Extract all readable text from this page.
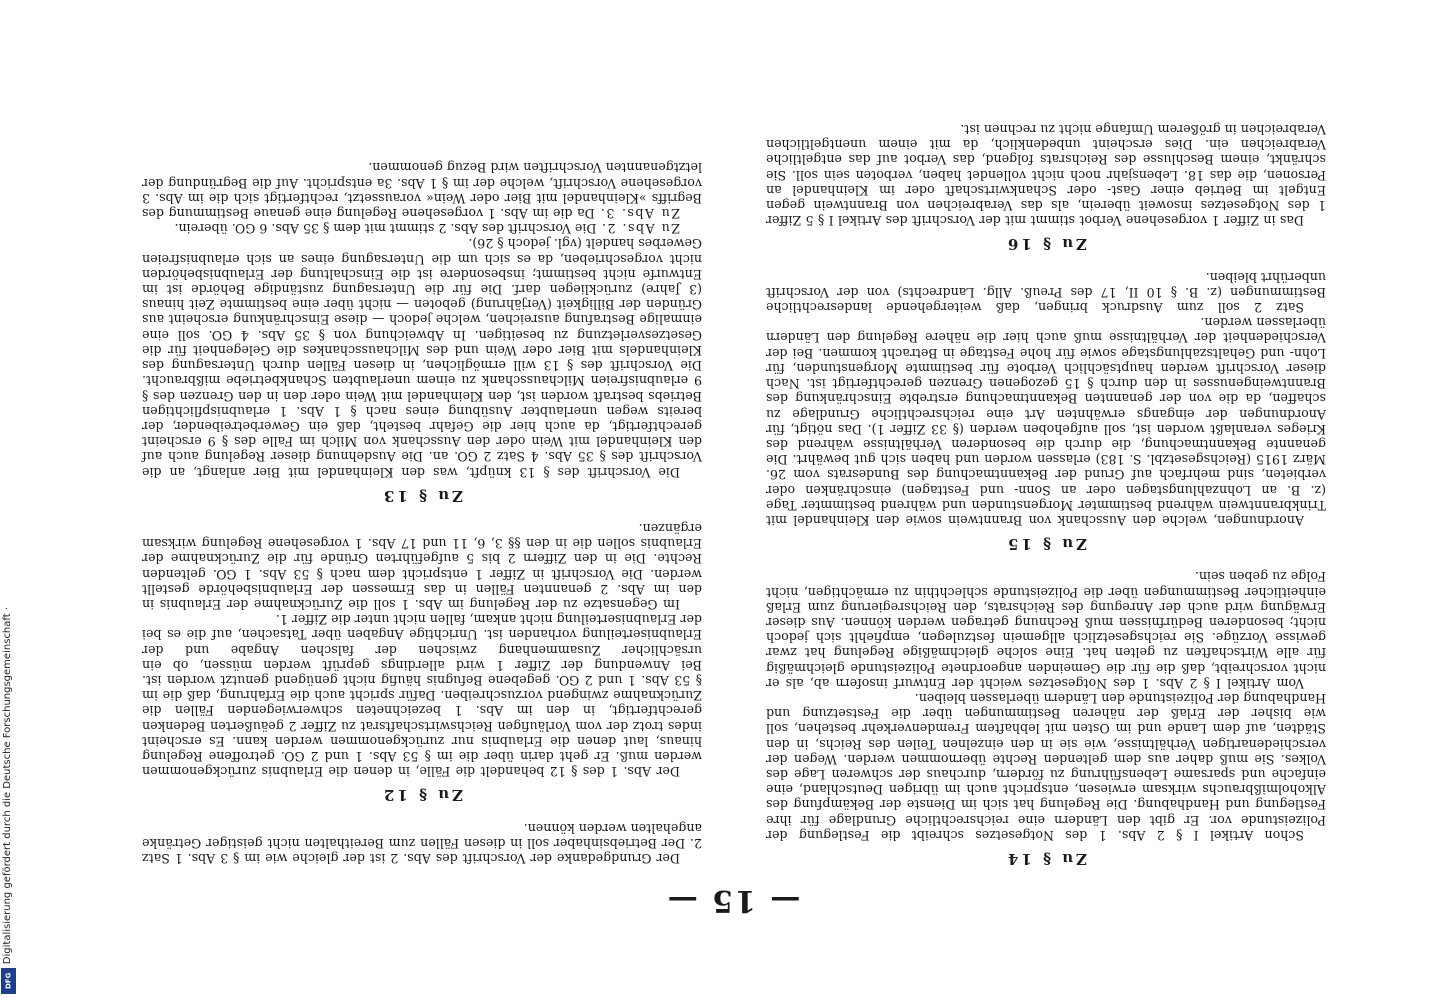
DFG
Digitalisierung gefördert durch die Deutsche Forschungsgemeinschaft ·	— 15 —
Zu § 14

Schon Artikel I § 2 Abs. 1 des Notgesetzes schreibt die Festlegung der Polizeistunde vor. Er gibt den Ländern eine reichsrechtliche Grundlage für ihre Festlegung und Handhabung. Die Regelung hat sich im Dienste der Bekämpfung des Alkoholmißbrauchs wirksam erwiesen, entspricht auch im übrigen Deutschland, eine einfache und sparsame Lebensführung zu fördern, durchaus der schweren Lage des Volkes. Sie muß daher aus dem geltenden Rechte übernommen werden. Wegen der verschiedenartigen Verhältnisse, wie sie in den einzelnen Teilen des Reichs, in den Städten, auf dem Lande und im Osten mit lebhaftem Fremdenverkehr bestehen, soll wie bisher der Erlaß der näheren Bestimmungen über die Festsetzung und Handhabung der Polizeistunde den Ländern überlassen bleiben.

Vom Artikel I § 2 Abs. 1 des Notgesetzes weicht der Entwurf insofern ab, als er nicht vorschreibt, daß die für die Gemeinden angeordnete Polizeistunde gleichmäßig für alle Wirtschaften zu gelten hat. Eine solche gleichmäßige Regelung hat zwar gewisse Vorzüge. Sie reichsgesetzlich allgemein festzulegen, empfiehlt sich jedoch nicht; besonderen Bedürfnissen muß Rechnung getragen werden können. Aus dieser Erwägung wird auch der Anregung des Reichsrats, den Reichsregierung zum Erlaß einheitlicher Bestimmungen über die Polizeistunde schlechthin zu ermächtigen, nicht Folge zu geben sein.

Zu § 15

Anordnungen, welche den Ausschank von Branntwein sowie den Kleinhandel mit Trinkbranntwein während bestimmter Morgenstunden und während bestimmter Tage (z. B. an Lohnzahlungstagen oder an Sonn- und Festtagen) einschränken oder verbieten, sind mehrfach auf Grund der Bekanntmachung des Bundesrats vom 26. März 1915 (Reichsgesetzbl. S. 183) erlassen worden und haben sich gut bewährt. Die genannte Bekanntmachung, die durch die besonderen Verhältnisse während des Krieges veranlaßt worden ist, soll aufgehoben werden (§ 33 Ziffer 1). Das nötigt, für Anordnungen der eingangs erwähnten Art eine reichsrechtliche Grundlage zu schaffen, da die von der genannten Bekanntmachung erstrebte Einschränkung des Branntweingenusses in den durch § 15 gezogenen Grenzen gerechtfertigt ist. Nach dieser Vorschrift werden hauptsächlich Verbote für bestimmte Morgenstunden, für Lohn- und Gehaltszahlungstage sowie für hohe Festtage in Betracht kommen. Bei der Verschiedenheit der Verhältnisse muß auch hier die nähere Regelung den Ländern überlassen werden.

Satz 2 soll zum Ausdruck bringen, daß weitergehende landesrechtliche Bestimmungen (z. B. § 10 II, 17 des Preuß. Allg. Landrechts) von der Vorschrift unberührt bleiben.

Zu § 16

Das in Ziffer 1 vorgesehene Verbot stimmt mit der Vorschrift des Artikel I § 5 Ziffer 1 des Notgesetzes insoweit überein, als das Verabreichen von Branntwein gegen Entgelt im Betrieb einer Gast- oder Schankwirtschaft oder im Kleinhandel an Personen, die das 18. Lebensjahr noch nicht vollendet haben, verboten sein soll. Sie schränkt, einem Beschlusse des Reichsrats folgend, das Verbot auf das entgeltliche Verabreichen ein. Dies erscheint unbedenklich, da mit einem unentgeltlichen Verabreichen in größerem Umfange nicht zu rechnen ist.

Der Grundgedanke der Vorschrift des Abs. 2 ist der gleiche wie im § 3 Abs. 1 Satz 2. Der Betriebsinhaber soll in diesen Fällen zum Bereithalten nicht geistiger Getränke angehalten werden können.

Zu § 12

Der Abs. 1 des § 12 behandelt die Fälle, in denen die Erlaubnis zurückgenommen werden muß. Er geht darin über die im § 53 Abs. 1 und 2 GO. getroffene Regelung hinaus, laut denen die Erlaubnis nur zurückgenommen werden kann. Es erscheint indes trotz der vom Vorläufigen Reichswirtschaftsrat zu Ziffer 2 geäußerten Bedenken gerechtfertigt, in den im Abs. 1 bezeichneten schwerwiegenden Fällen die Zurücknahme zwingend vorzuschreiben. Dafür spricht auch die Erfahrung, daß die im § 53 Abs. 1 und 2 GO. gegebene Befugnis häufig nicht genügend genutzt worden ist. Bei Anwendung der Ziffer 1 wird allerdings geprüft werden müssen, ob ein ursächlicher Zusammenhang zwischen der falschen Angabe und der Erlaubniserteilung vorhanden ist. Unrichtige Angaben über Tatsachen, auf die es bei der Erlaubniserteilung nicht ankam, fallen nicht unter die Ziffer 1.

Im Gegensatze zu der Regelung im Abs. 1 soll die Zurücknahme der Erlaubnis in den im Abs. 2 genannten Fällen in das Ermessen der Erlaubnisbehörde gestellt werden. Die Vorschrift in Ziffer 1 entspricht dem nach § 53 Abs. 1 GO. geltenden Rechte. Die in den Ziffern 2 bis 5 aufgeführten Gründe für die Zurücknahme der Erlaubnis sollen die in den §§ 3, 6, 11 und 17 Abs. 1 vorgesehene Regelung wirksam ergänzen.

Zu § 13

Die Vorschrift des § 13 knüpft, was den Kleinhandel mit Bier anlangt, an die Vorschrift des § 35 Abs. 4 Satz 2 GO. an. Die Ausdehnung dieser Regelung auch auf den Kleinhandel mit Wein oder den Ausschank von Milch im Falle des § 9 erscheint gerechtfertigt, da auch hier die Gefahr besteht, daß ein Gewerbetreibender, der bereits wegen unerlaubter Ausübung eines nach § 1 Abs. 1 erlaubnispflichtigen Betriebs bestraft worden ist, den Kleinhandel mit Wein oder den in den Grenzen des § 9 erlaubnisfreien Milchausschank zu einem unerlaubten Schankbetriebe mißbraucht. Die Vorschrift des § 13 will ermöglichen, in diesen Fällen durch Untersagung des Kleinhandels mit Bier oder Wein und des Milchausschankes die Gelegenheit für die Gesetzesverletzung zu beseitigen. In Abweichung von § 35 Abs. 4 GO. soll eine einmalige Bestrafung ausreichen, welche jedoch — diese Einschränkung erscheint aus Gründen der Billigkeit (Verjährung) geboten — nicht über eine bestimmte Zeit hinaus (3 Jahre) zurückliegen darf. Die für die Untersagung zuständige Behörde ist im Entwurfe nicht bestimmt; insbesondere ist die Einschaltung der Erlaubnisbehörden nicht vorgeschrieben, da es sich um die Untersagung eines an sich erlaubnisfreien Gewerbes handelt (vgl. jedoch § 26).

Zu Abs. 2. Die Vorschrift des Abs. 2 stimmt mit dem § 35 Abs. 6 GO. überein.

Zu Abs. 3. Da die im Abs. 1 vorgesehene Regelung eine genaue Bestimmung des Begriffs »Kleinhandel mit Bier oder Wein« voraussetzt, rechtfertigt sich die im Abs. 3 vorgesehene Vorschrift, welche der im § 1 Abs. 3a entspricht. Auf die Begründung der letztgenannten Vorschriften wird Bezug genommen.
